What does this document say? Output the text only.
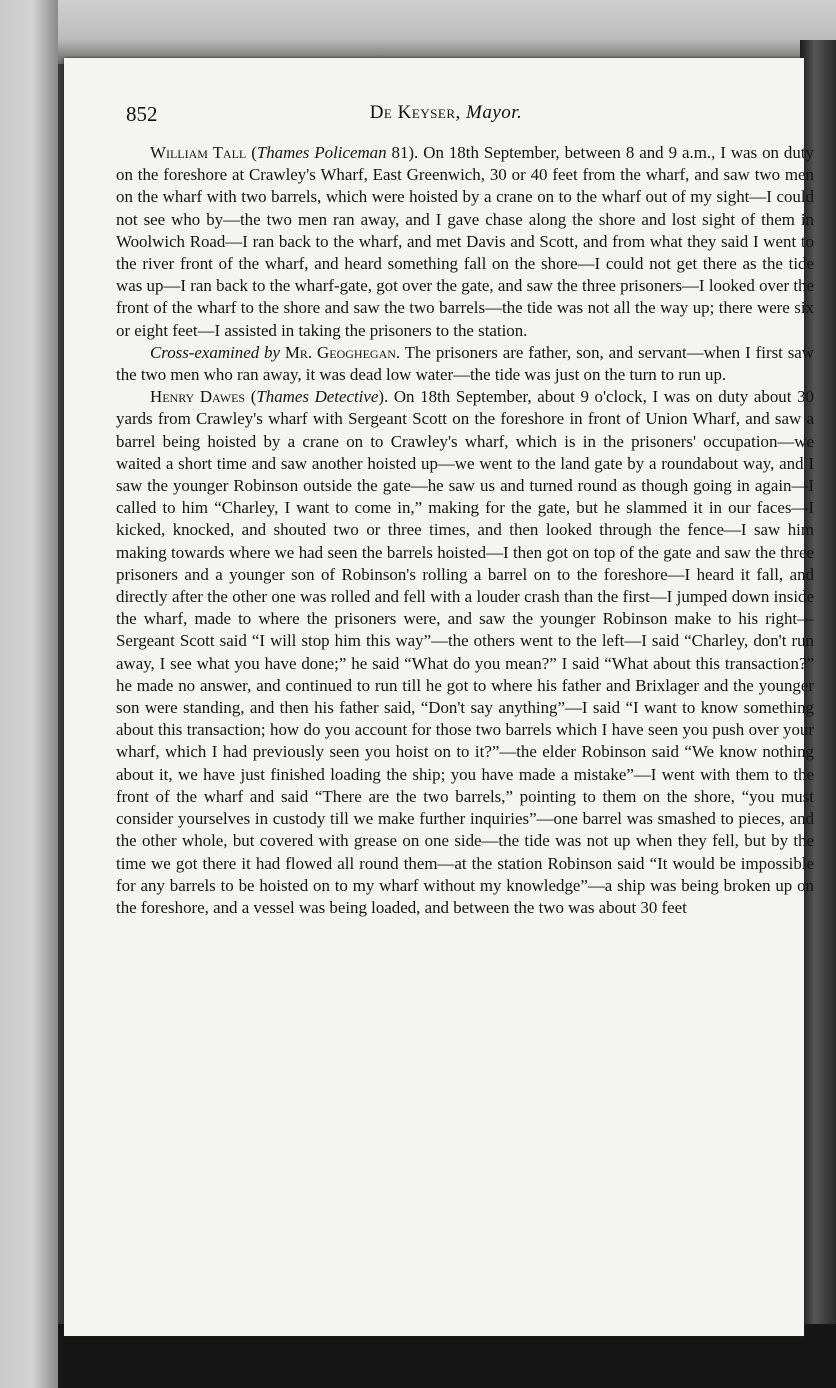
852	De Keyser, Mayor.

William Tall (Thames Policeman 81). On 18th September, between 8 and 9 a.m., I was on duty on the foreshore at Crawley's Wharf, East Greenwich, 30 or 40 feet from the wharf, and saw two men on the wharf with two barrels, which were hoisted by a crane on to the wharf out of my sight—I could not see who by—the two men ran away, and I gave chase along the shore and lost sight of them in Woolwich Road—I ran back to the wharf, and met Davis and Scott, and from what they said I went to the river front of the wharf, and heard something fall on the shore—I could not get there as the tide was up—I ran back to the wharf-gate, got over the gate, and saw the three prisoners—I looked over the front of the wharf to the shore and saw the two barrels—the tide was not all the way up; there were six or eight feet—I assisted in taking the prisoners to the station.

Cross-examined by Mr. Geoghegan. The prisoners are father, son, and servant—when I first saw the two men who ran away, it was dead low water—the tide was just on the turn to run up.

Henry Dawes (Thames Detective). On 18th September, about 9 o'clock, I was on duty about 30 yards from Crawley's wharf with Sergeant Scott on the foreshore in front of Union Wharf, and saw a barrel being hoisted by a crane on to Crawley's wharf, which is in the prisoners' occupation—we waited a short time and saw another hoisted up—we went to the land gate by a roundabout way, and I saw the younger Robinson outside the gate—he saw us and turned round as though going in again—I called to him “Charley, I want to come in,” making for the gate, but he slammed it in our faces—I kicked, knocked, and shouted two or three times, and then looked through the fence—I saw him making towards where we had seen the barrels hoisted—I then got on top of the gate and saw the three prisoners and a younger son of Robinson's rolling a barrel on to the foreshore—I heard it fall, and directly after the other one was rolled and fell with a louder crash than the first—I jumped down inside the wharf, made to where the prisoners were, and saw the younger Robinson make to his right—Sergeant Scott said “I will stop him this way”—the others went to the left—I said “Charley, don't run away, I see what you have done;” he said “What do you mean?” I said “What about this transaction?” he made no answer, and continued to run till he got to where his father and Brixlager and the younger son were standing, and then his father said, “Don't say anything”—I said “I want to know something about this transaction; how do you account for those two barrels which I have seen you push over your wharf, which I had previously seen you hoist on to it?”—the elder Robinson said “We know nothing about it, we have just finished loading the ship; you have made a mistake”—I went with them to the front of the wharf and said “There are the two barrels,” pointing to them on the shore, “you must consider yourselves in custody till we make further inquiries”—one barrel was smashed to pieces, and the other whole, but covered with grease on one side—the tide was not up when they fell, but by the time we got there it had flowed all round them—at the station Robinson said “It would be impossible for any barrels to be hoisted on to my wharf without my knowledge”—a ship was being broken up on the foreshore, and a vessel was being loaded, and between the two was about 30 feet
